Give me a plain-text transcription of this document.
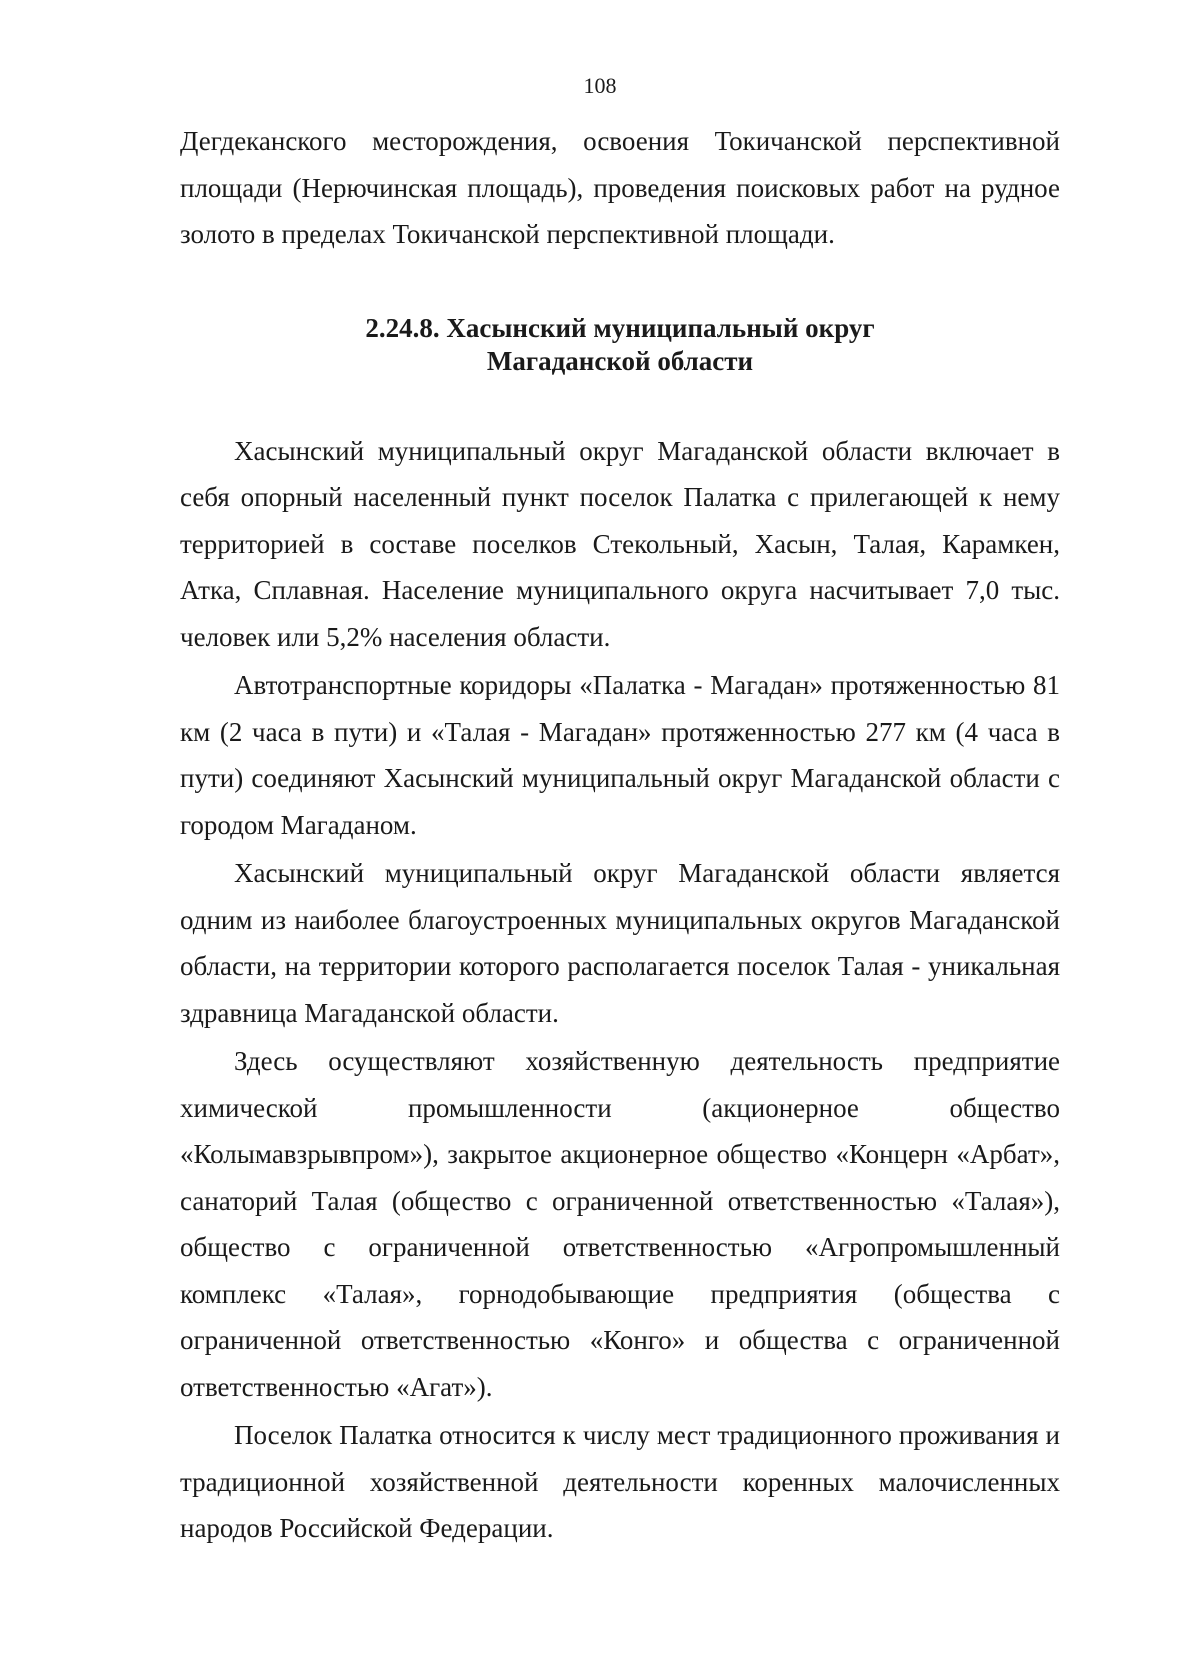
108

Дегдеканского месторождения, освоения Токичанской перспективной площади (Нерючинская площадь), проведения поисковых работ на рудное золото в пределах Токичанской перспективной площади.

2.24.8. Хасынский муниципальный округ
Магаданской области

Хасынский муниципальный округ Магаданской области включает в себя опорный населенный пункт поселок Палатка с прилегающей к нему территорией в составе поселков Стекольный, Хасын, Талая, Карамкен, Атка, Сплавная. Население муниципального округа насчитывает 7,0 тыс. человек или 5,2% населения области.

Автотранспортные коридоры «Палатка - Магадан» протяженностью 81 км (2 часа в пути) и «Талая - Магадан» протяженностью 277 км (4 часа в пути) соединяют Хасынский муниципальный округ Магаданской области с городом Магаданом.

Хасынский муниципальный округ Магаданской области является одним из наиболее благоустроенных муниципальных округов Магаданской области, на территории которого располагается поселок Талая - уникальная здравница Магаданской области.

Здесь осуществляют хозяйственную деятельность предприятие химической промышленности (акционерное общество «Колымавзрывпром»), закрытое акционерное общество «Концерн «Арбат», санаторий Талая (общество с ограниченной ответственностью «Талая»), общество с ограниченной ответственностью «Агропромышленный комплекс «Талая», горнодобывающие предприятия (общества с ограниченной ответственностью «Конго» и общества с ограниченной ответственностью «Агат»).

Поселок Палатка относится к числу мест традиционного проживания и традиционной хозяйственной деятельности коренных малочисленных народов Российской Федерации.
